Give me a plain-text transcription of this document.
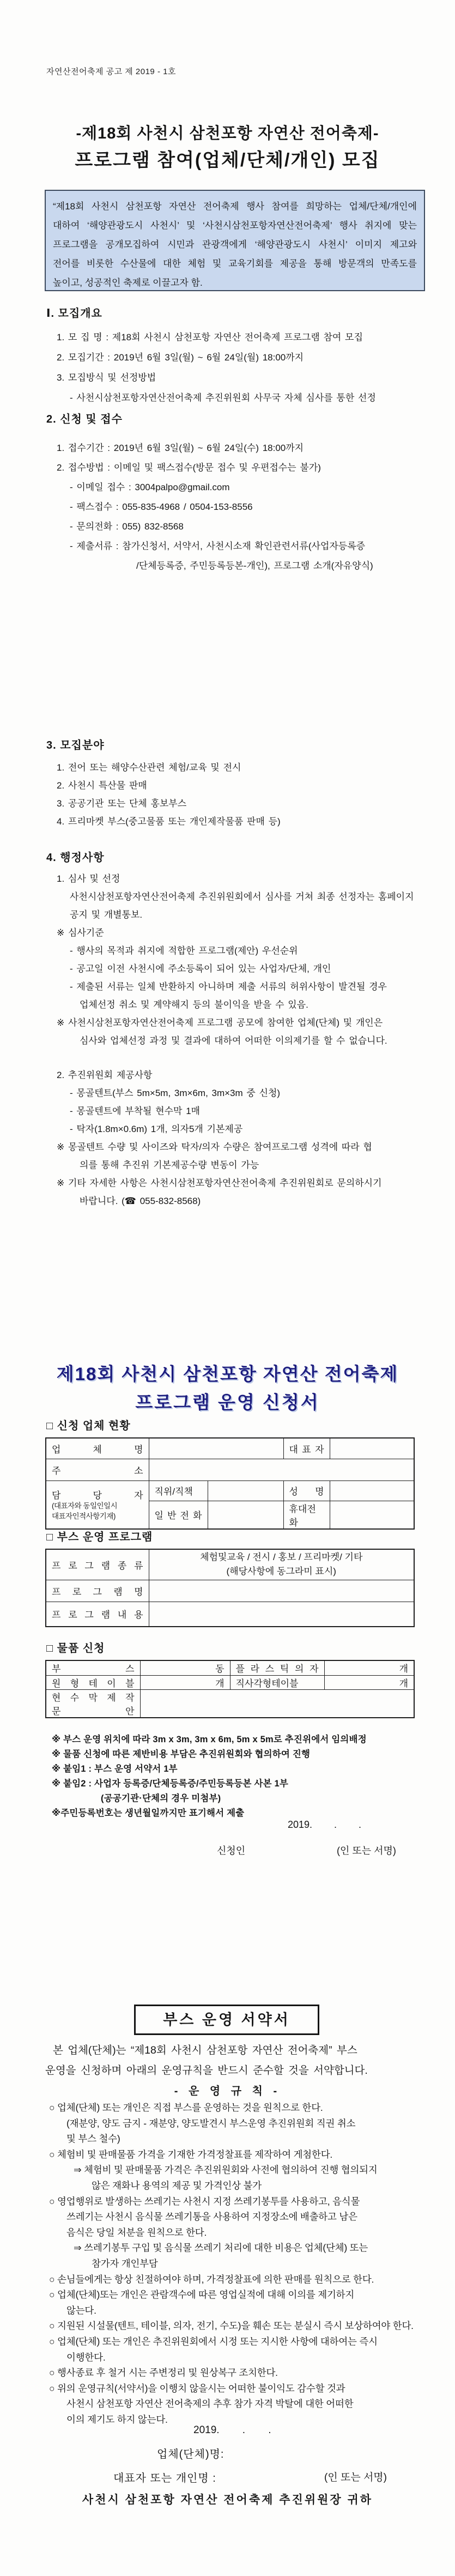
자연산전어축제 공고 제 2019 - 1호
-제18회 사천시 삼천포항 자연산 전어축제-
프로그램 참여(업체/단체/개인) 모집
“제18회 사천시 삼천포항 자연산 전어축제 행사 참여를 희망하는 업체/단체/개인에
대하여 ‘해양관광도시 사천시’ 및 ‘사천시삼천포항자연산전어축제’ 행사 취지에 맞는
프로그램을 공개모집하여 시민과 관광객에게 ‘해양관광도시 사천시’ 이미지 제고와
전어를 비롯한 수산물에 대한 체험 및 교육기회를 제공을 통해 방문객의 만족도를
높이고, 성공적인 축제로 이끌고자 함.
Ⅰ. 모집개요
1. 모 집 명 : 제18회 사천시 삼천포항 자연산 전어축제 프로그램 참여 모집
2. 모집기간 : 2019년 6월 3일(월) ~ 6월 24일(월) 18:00까지
3. 모집방식 및 선정방법
- 사천시삼천포항자연산전어축제 추진위원회 사무국 자체 심사를 통한 선정
2. 신청 및 접수
1. 접수기간 : 2019년 6월 3일(월) ~ 6월 24일(수) 18:00까지
2. 접수방법 : 이메일 및 팩스접수(방문 접수 및 우편접수는 불가)
- 이메일 접수 : 3004palpo@gmail.com
- 팩스접수 : 055-835-4968 / 0504-153-8556
- 문의전화 : 055) 832-8568
- 제출서류 : 참가신청서, 서약서, 사천시소재 확인관련서류(사업자등록증
/단체등록증, 주민등록등본-개인), 프로그램 소개(자유양식)
3. 모집분야
1. 전어 또는 해양수산관련 체험/교육 및 전시
2. 사천시 특산물 판매
3. 공공기관 또는 단체 홍보부스
4. 프리마켓 부스(중고물품 또는 개인제작물품 판매 등)
4. 행정사항
1. 심사 및 선정
사천시삼천포항자연산전어축제 추진위원회에서 심사를 거쳐 최종 선정자는 홈페이지
공지 및 개별통보.
※ 심사기준
- 행사의 목적과 취지에 적합한 프로그램(제안) 우선순위
- 공고일 이전 사천시에 주소등록이 되어 있는 사업자/단체, 개인
- 제출된 서류는 일체 반환하지 아니하며 제출 서류의 허위사항이 발견될 경우
업체선정 취소 및 계약해지 등의 불이익을 받을 수 있음.
※ 사천시삼천포항자연산전어축제 프로그램 공모에 참여한 업체(단체) 및 개인은
심사와 업체선정 과정 및 결과에 대하여 어떠한 이의제기를 할 수 없습니다.
2. 추진위원회 제공사항
- 몽골텐트(부스 5m×5m, 3m×6m, 3m×3m 중 신청)
- 몽골텐트에 부착될 현수막 1매
- 탁자(1.8m×0.6m) 1개, 의자5개 기본제공
※ 몽골텐트 수량 및 사이즈와 탁자/의자 수량은 참여프로그램 성격에 따라 협
의를 통해 추진위 기본제공수량 변동이 가능
※ 기타 자세한 사항은 사천시삼천포항자연산전어축제 추진위원회로 문의하시기
바랍니다. (☎ 055-832-8568)
제18회 사천시 삼천포항 자연산 전어축제
프로그램 운영 신청서
□ 신청 업체 현황
업 체 명			대 표 자	
주 소				

담 당 자
(대표자와 동일인일시
대표자인적사항기재)	직위/직책		성 명	
	일 반 전 화		휴대전화	
□ 부스 운영 프로그램
프 로 그 램 종 류	체험및교육 / 전시 / 홍보 / 프리마켓/ 기타
(해당사항에 동그라미 표시)

프 로 그 램 명	
프 로 그 램 내 용	
□ 물품 신청
부 스	동	플 라 스 틱 의 자	개
원 형 테 이 블	개	직사각형테이블	개

현 수 막 제 작
문 안			

※ 부스 운영 위치에 따라 3m x 3m, 3m x 6m, 5m x 5m로 추진위에서 임의배정
※ 물품 신청에 따른 제반비용 부담은 추진위원회와 협의하여 진행
※ 붙임1 : 부스 운영 서약서 1부
※ 붙임2 : 사업자 등록증/단체등록증/주민등록등본 사본 1부
(공공기관·단체의 경우 미첨부)
※주민등록번호는 생년월일까지만 표기해서 제출
2019.        .        .
신청인	(인 또는 서명)
부스 운영 서약서
본 업체(단체)는 “제18회 사천시 삼천포항 자연산 전어축제” 부스
운영을 신청하며 아래의 운영규칙을 반드시 준수할 것을 서약합니다.
- 운 영 규 칙 -
○ 업체(단체) 또는 개인은 직접 부스를 운영하는 것을 원칙으로 한다.
(재분양, 양도 금지 - 재분양, 양도발견시 부스운영 추진위원회 직권 취소
및 부스 철수)
○ 체험비 및 판매물품 가격을 기재한 가격정찰표를 제작하여 게첨한다.
⇒ 체험비 및 판매물품 가격은 추진위원회와 사전에 협의하여 진행 협의되지
않은 재화나 용역의 제공 및 가격인상 불가
○ 영업행위로 발생하는 쓰레기는 사천시 지정 쓰레기봉투를 사용하고, 음식물
쓰레기는 사천시 음식물 쓰레기통을 사용하여 지정장소에 배출하고 남은
음식은 당일 처분을 원칙으로 한다.
⇒ 쓰레기봉투 구입 및 음식물 쓰레기 처리에 대한 비용은 업체(단체) 또는
참가자 개인부담
○ 손님들에게는 항상 친절하여야 하며, 가격정찰표에 의한 판매를 원칙으로 한다.
○ 업체(단체)또는 개인은 관람객수에 따른 영업실적에 대해 이의를 제기하지
않는다.
○ 지원된 시설물(텐트, 테이블, 의자, 전기, 수도)을 훼손 또는 분실시 즉시 보상하여야 한다.
○ 업체(단체) 또는 개인은 추진위원회에서 시정 또는 지시한 사항에 대하여는 즉시
이행한다.
○ 행사종료 후 철거 시는 주변정리 및 원상복구 조치한다.
○ 위의 운영규칙(서약서)을 이행치 않을시는 어떠한 불이익도 감수할 것과
사천시 삼천포항 자연산 전어축제의 추후 참가 자격 박탈에 대한 어떠한
이의 제기도 하지 않는다.
2019.        .        .
업체(단체)명:
대표자 또는 개인명 :	(인 또는 서명)
사천시 삼천포항 자연산 전어축제 추진위원장 귀하
